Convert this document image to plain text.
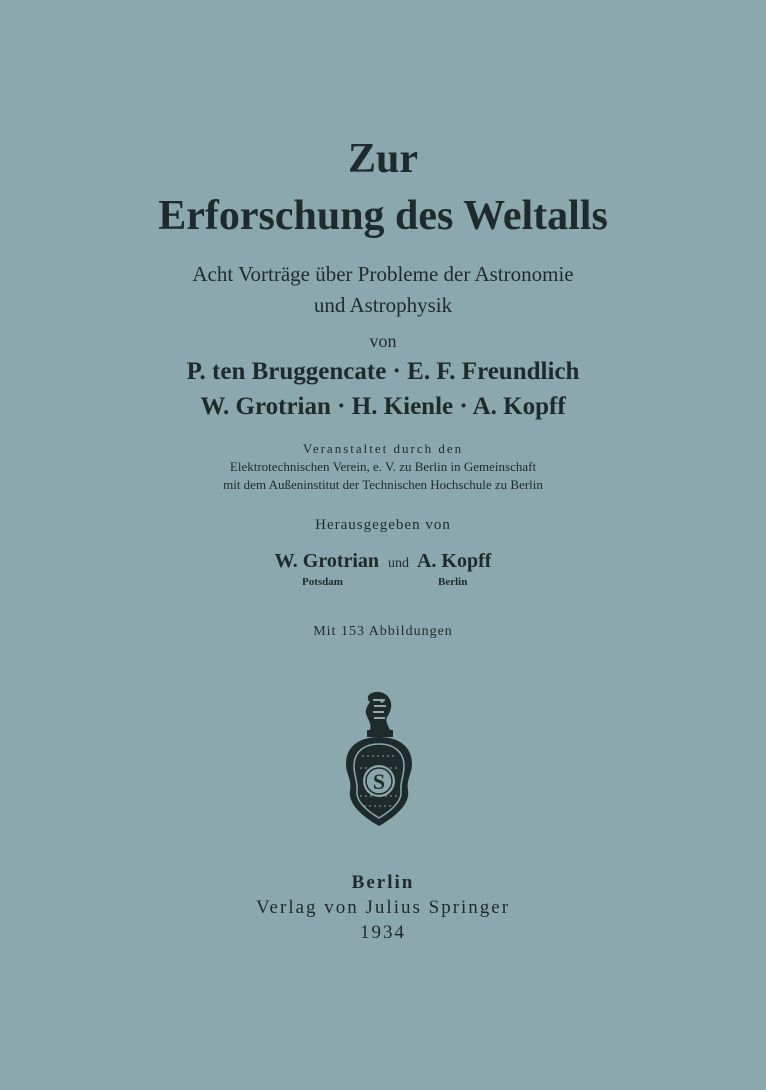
Zur
Erforschung des Weltalls
Acht Vorträge über Probleme der Astronomie
und Astrophysik
von
P. ten Bruggencate · E. F. Freundlich
W. Grotrian · H. Kienle · A. Kopff
Veranstaltet durch den
Elektrotechnischen Verein, e. V. zu Berlin in Gemeinschaft
mit dem Außeninstitut der Technischen Hochschule zu Berlin
Herausgegeben von
W. Grotrian und A. Kopff
Potsdam	Berlin
Mit 153 Abbildungen
S
Berlin
Verlag von Julius Springer
1934
